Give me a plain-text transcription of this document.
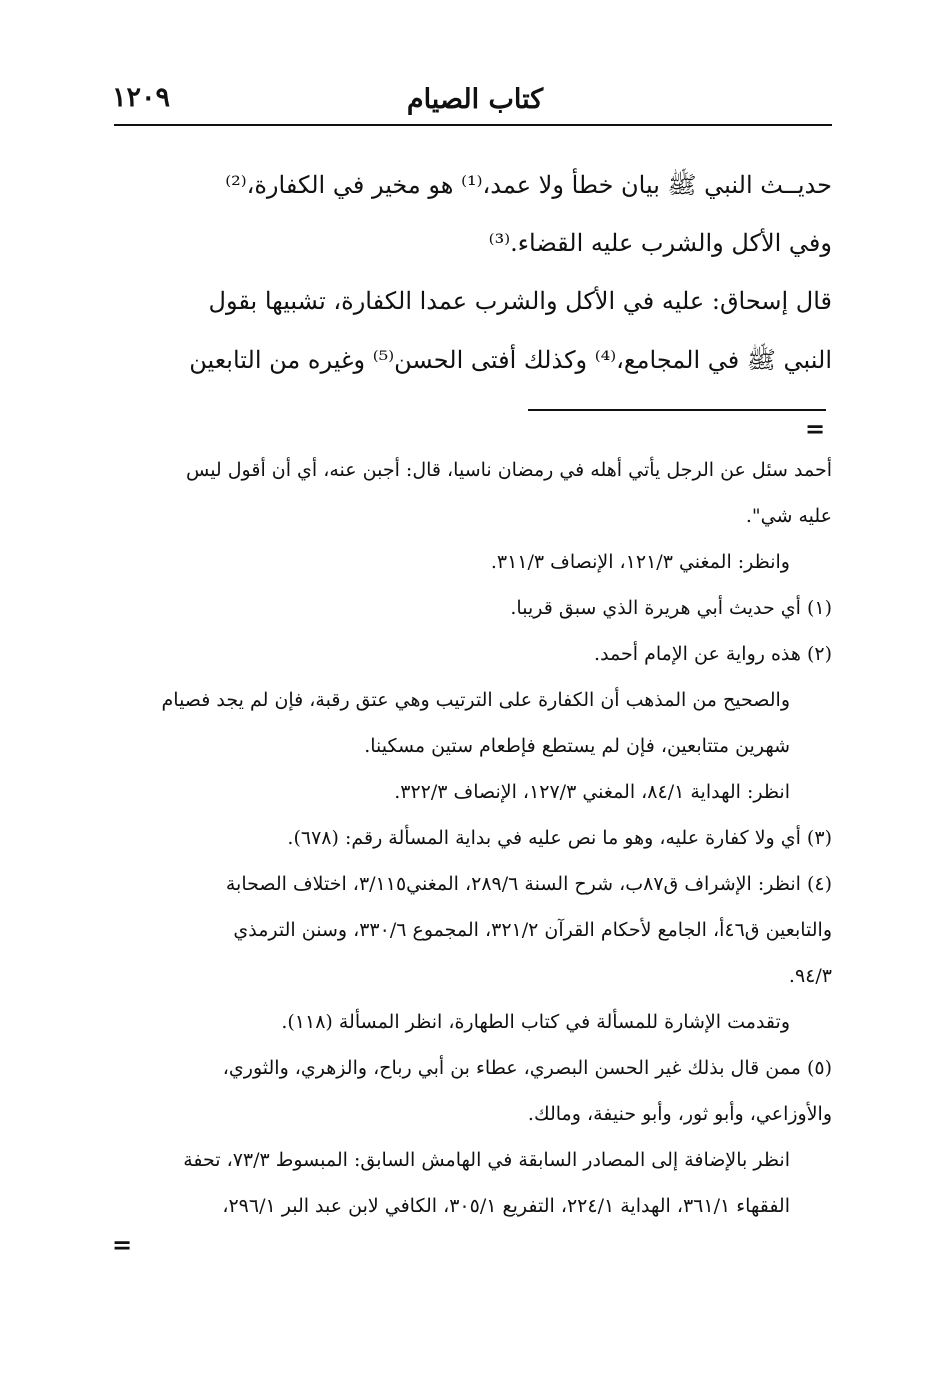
كتاب الصيام
١٢٠٩
حديــث النبي ﷺ بيان خطأ ولا عمد،⁽¹⁾ هو مخير في الكفارة،⁽²⁾
وفي الأكل والشرب عليه القضاء.⁽³⁾
قال إسحاق: عليه في الأكل والشرب عمدا الكفارة، تشبيها بقول
النبي ﷺ في المجامع،⁽⁴⁾ وكذلك أفتى الحسن⁽⁵⁾ وغيره من التابعين
=
أحمد سئل عن الرجل يأتي أهله في رمضان ناسيا، قال: أجبن عنه، أي أن أقول ليس
عليه شي".
وانظر: المغني ١٢١/٣، الإنصاف ٣١١/٣.
(١) أي حديث أبي هريرة الذي سبق قريبا.
(٢) هذه رواية عن الإمام أحمد.
والصحيح من المذهب أن الكفارة على الترتيب وهي عتق رقبة، فإن لم يجد فصيام
شهرين متتابعين، فإن لم يستطع فإطعام ستين مسكينا.
انظر: الهداية ٨٤/١، المغني ١٢٧/٣، الإنصاف ٣٢٢/٣.
(٣) أي ولا كفارة عليه، وهو ما نص عليه في بداية المسألة رقم: (٦٧٨).
(٤) انظر: الإشراف ق٨٧ب، شرح السنة ٢٨٩/٦، المغني٣/١١٥، اختلاف الصحابة
والتابعين ق٤٦أ، الجامع لأحكام القرآن ٣٢١/٢، المجموع ٣٣٠/٦، وسنن الترمذي
٩٤/٣.
وتقدمت الإشارة للمسألة في كتاب الطهارة، انظر المسألة (١١٨).
(٥) ممن قال بذلك غير الحسن البصري، عطاء بن أبي رباح، والزهري، والثوري،
والأوزاعي، وأبو ثور، وأبو حنيفة، ومالك.
انظر بالإضافة إلى المصادر السابقة في الهامش السابق: المبسوط ٧٣/٣، تحفة
الفقهاء ٣٦١/١، الهداية ٢٢٤/١، التفريع ٣٠٥/١، الكافي لابن عبد البر ٢٩٦/١،
=
